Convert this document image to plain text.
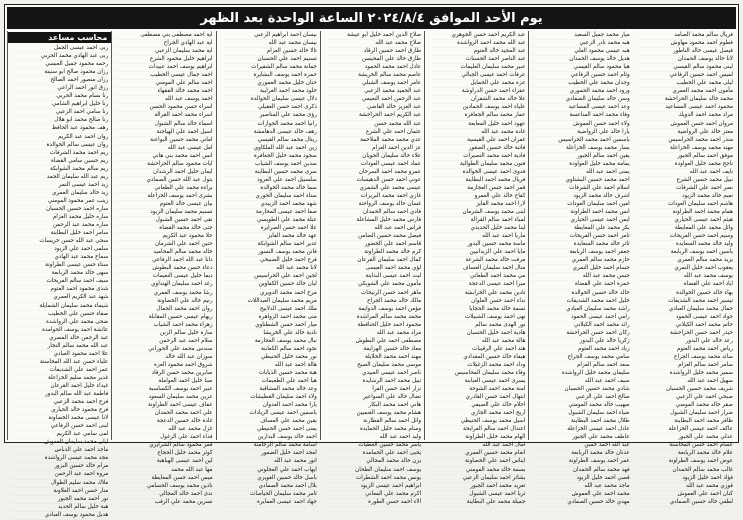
يوم الأحد الموافق ٢٠٢٤/٨/٤ الساعة الواحدة بعد الظهر
محاسب مساعد
ربى احمد عيسى الجمل
ربى عبد الهادي محمد الحربي
رحمه محمود جميل العبسي
رزان محمود صالح ابو سنينة
رزان منصور احمد الصالح
رزق انور احمد الراعي
رنا بسام محمد الحربي
رنا خليل ابراهيم الشامي
رنا سامي احمد الزعبي
رنا صالح محمد ابو هلال
رهف محمود عبد الحافظ
روان احمد عبد الكريم
روان عيسى سالم الخوالدة
ريم احمد محمد الشرفات
ريم حسين سامي القضاة
ريم سالم محمد الشوابكة
ريم عبد الله سليمان الحمد
زيد احمد عيسى النمر
زيد خالد سليمان العمري
زينب عمر محمود المومني
ساره احمد حسين الحسبان
ساره خليل محمد العزام
ساره محمد عبد الرحمن
سامر احمد خليل البطاينة
سجى عبد الله حسن خريسات
سلمى احمد علي الزيود
سماح محمد عبد الهادي
سناء حسن عيسى الطراونة
سهى خالد محمد الربابعة
سيف احمد سالم الفريحات
شذى محمود احمد العتوم
شهد عبد الكريم العمري
شيماء محمد سليمان الشمايلة
صفاء حسين علي الخطيب
ضحى محمد علي الرواشدة
عائشة احمد يوسف الحوامدة
عبد الرحمن خالد المصري
عبد الله محمد سالم النجار
علا احمد محمود العبادي
علياء حسن عبد الله المحاسنة
عمر احمد علي الشديفات
غدير محمد سليم الخزاعلة
غيداء خليل احمد القرعان
فاطمة عبد الله سالم البدور
فرح احمد محمد الزعبي
فرح محمود خالد الحياري
لانا عيسى محمد الخصاونة
لبنى احمد حسن الرفاعي
لمى سامي عبد الكريم
ليلى محمد سليمان العموش
ماجد احمد علي الدباس
مجد محمد عيسى الرواشدة
مرام خالد حسين البزور
مروة احمد عبد الرحمن
ملاك محمد سليم الطوال
منار حسن احمد العلاونة
نور احمد محمد الجبور
هبة خليل سالم الحديد
هديل محمود يوسف العبادي
اية احمد مصطفى بني مصطفى
اية عبد الهادي الجراح
اية محمد سليمان الزعبي
ابراهيم خليل محمود الشرع
ابراهيم يوسف احمد عبيدات
احمد جمال عيسى الخطيب
احمد سالم علي المومني
احمد محمد خالد الفقهاء
احمد يوسف عبد الله
اسراء حسن محمود الحسن
اسراء محمد احمد القرالة
اسماء خالد سالم الشبول
اسيل احمد علي الهياجنة
اماني محمد حسين البواعنة
امل عيسى عبد الله
انس احمد محمد بني هاني
ايات محمود سالم الحراحشة
ايمان خليل احمد الرشدان
بتول عبد الله حسن الصمادي
براءة محمد علي الطعاني
بشرى احمد يوسف الخزاعلة
بيان عيسى خالد العتوم
تسنيم محمد سليمان الزيود
تقى احمد حسين الشبول
جنى خالد محمد القضاة
حلا محمود عبد الكريم
حنين احمد علي الشرمان
خالد محمد سالم المحاميد
دانا عبد الله احمد الرفاعي
دعاء حسن محمد البطوش
ديما خليل عيسى النعيمات
رغد احمد سليمان الهنداوي
رشا محمد يوسف العمري
رنيم خالد علي الخصاونة
روان احمد محمد الجمال
ريهام عيسى حسين المقابلة
زهراء محمد احمد الشياب
سارة خليل سالم الزبن
سلام احمد عبد الرحمن
سندس محمد علي الحوراني
سوزان عبد الله خالد
شروق احمد محمود العزة
صابرين محمد حسن الرقاد
صبا خليل احمد العواملة
عبير احمد يوسف الكساسبة
عرين محمد سليمان السعود
عفاف عيسى احمد الطراونة
علي احمد محمد الحمدان
غادة خالد حسين الدعجة
غزل محمد عبد الله
فداء احمد علي الزغول
قمر محمود سالم الشرايري
كوثر محمد خليل الحجاج
لين احمد عيسى الهباهبة
مها عبد الله محمد
ميس احمد حسن المعايطة
نادين محمد يوسف الحسامي
ندى احمد خالد المجالي
نسرين محمد علي الرقب
بيسان احمد ابراهيم الزعبي
بيسان محمد عبد الله
تالا خالد حسين العزام
تسنيم احمد علي الحسبان
جمانة محمد سالم الشقيرات
حمزة احمد يوسف البشايرة
حنان خليل محمد العموري
خلود محمد احمد الغرايبة
دلال عيسى سليمان الخوالدة
ذكرى احمد حسن العقيلي
رؤى محمد علي المناصير
رانيا احمد محمد الحوارات
رهف خالد عيسى الدهامشة
ريتال محمد سالم القيسي
زين احمد عبد الله الملكاوي
سجود محمد خليل الجعافرة
سدين احمد يوسف الشياب
سرى محمد حسين البطاينة
سلسبيل احمد علي العرود
سما خالد محمد الخوالدة
سناء احمد سليمان الحوري
شهد محمد احمد الزبيدي
صفا احمد عيسى المحارمة
عبلة محمد علي الطويسي
علا احمد حسن الصرايرة
عهد خالد محمد الفايز
غدير احمد سالم الشوابكة
فاتن محمد يوسف النسور
فرح احمد خليل الصبيحي
لانا محمد عبد الله
لجين احمد علي الحراسيس
ليان خالد حسين الكفاوين
مرح احمد محمد الدويري
مريم محمد سليمان العبداللات
ملك احمد عيسى الدلابيح
منى محمد احمد الزواهرة
ميار احمد حسن الشطناوي
نادية خالد علي الخريشا
نبال محمد يوسف العجارمة
نجود احمد سالم الكعابنة
نور محمد خليل الحنيطي
هالة احمد عبد الله
هبة محمد حسين الذيابات
هيا احمد علي الطعيمات
وعد خالد محمد المشاقبة
ولاء احمد سليمان القطيشات
يارا محمد احمد العدوان
ياسمين احمد عيسى الزيادات
يقين محمد علي العساف
يمنى احمد حسن الحنيطي
احمد خالد يوسف البدارين
اسامة محمد سالم الرحامنة
امجد احمد خليل الضمور
انور محمد عبد الله
ايهاب احمد علي العجلوني
باسل خالد حسين الغويري
بلال احمد محمد الصمادي
ثامر محمد سليمان الحياصات
جهاد احمد عيسى العمايرة
صلاح الدين احمد خليل ابو عيشة
صلاح محمد عبد الله
طارق احمد حسين الرقاد
طارق خالد علي المحيسن
عادل احمد محمد الحمود
عاصم محمد سالم الخريشة
عامر احمد يوسف الشبلي
عبد الحميد محمد الزعبي
عبد الرحمن احمد النعيمي
عبد العزيز خالد القاضي
عبد الكريم احمد الحراحشة
عبد الله محمد حسن
عثمان احمد علي الشرع
عدي محمد محمد الملاحمة
عز الدين احمد العزام
علاء خالد سليمان الحويان
عماد احمد عيسى العودات
عمرو محمد احمد السرحان
عوني احمد حسن الدهيسات
عيسى محمد علي الشمري
غازي احمد محمد البريزات
غسان خالد يوسف الرواحنة
فادي احمد سالم الحمدان
فارس محمد خليل المشاعلة
فراس احمد عبد الله
فيصل محمد حسين الضامن
قاسم احمد علي الخضور
كرم خالد محمد الطراونة
كمال احمد سليمان القرعان
لؤي محمد احمد العيسى
ليث احمد عيسى البداينة
مأمون محمد علي الشوبكي
ماهر احمد حسن الربيحات
مالك خالد محمد الجراح
مؤمن احمد يوسف الدوايمة
محمد محمد سالم المراشدة
محمود احمد خليل الحناقطة
مراد محمد عبد الله
مصطفى احمد علي البطوش
معاذ خالد حسين الهزايمة
مهند احمد محمد الخلايلة
موسى محمد سليمان الصبح
ناصر احمد عيسى العبيدي
نبيل محمد احمد الرشايدة
نزار احمد حسن الفرا
نضال خالد علي السواعير
هاني احمد محمد البكار
هشام محمد يوسف الغنميين
وائل احمد سالم القطارنة
وسام محمد خليل الحمايدة
وليد احمد عبد الله
ياسر محمد حسين العطيات
يحيى احمد علي الحمامدة
يزن خالد محمد المجالي
يوسف احمد سليمان الطحان
يونس محمد احمد الشطرات
ابراهيم احمد عيسى الزيود
اكرم محمد علي المعاني
الاء احمد حسن الطورة
عبد الكريم احمد حسن الجوهري
عبد الله محمد احمد الرواشدة
عبد المجيد خالد العتوم
عبد الناصر احمد الحسنات
عبير محمد سليمان العليمات
عرفات احمد عيسى الجبالي
عزة محمد علي الحمايل
عفراء احمد حسن الدراوشة
علا خالد محمد الشقران
علياء احمد يوسف الحمادين
عمار محمد سالم الجعافرة
عهود احمد خليل المعايعة
غادة محمد عبد الله
غفران احمد علي القيسية
فاتنة خالد حسين الصقور
فادية احمد محمد النصيرات
فتون محمد سليمان الطوالبة
فدوى احمد عيسى الخوالدة
فريال محمد احمد البطاينة
قمر احمد حسن العجارمة
كفاح خالد علي العمرو
لارا احمد محمد الفايز
لبنى محمد يوسف الشرمان
لمياء احمد سالم القرالة
لينا محمد خليل الحديدي
ماريا احمد عبد الله
ماسة محمد حسين البدور
مايا احمد علي الزيدانيين
مرفت خالد محمد الشرعة
منال احمد سليمان العساف
مي محمد احمد الطعاني
ميرا احمد عيسى الدعجة
نادين محمد علي الخرابشة
نداء احمد حسن العلوان
نسمة خالد محمد الحجايا
نهى احمد يوسف الشبيلات
نور الهدى محمد سالم
هادية احمد خليل الحسبان
هالة محمد عبد الله
هند احمد علي الرقيبات
هيفاء خالد حسين المقدادي
وداد احمد محمد الزغيلات
وفاء محمد سليمان المحاسيس
يسرى احمد عيسى العبابنة
امنة محمد احمد الشوحة
ابتهال احمد حسن القادري
احلام خالد علي الصيفي
اريج احمد محمد الجازي
اسيل محمد يوسف الحنيطي
اعتدال احمد سالم الفرايحة
الهام محمد خليل الطراونة
امال احمد عبد الله
انعام محمد حسين العمري
ايناس احمد علي الخصاونة
بسمة خالد محمد المومني
بشائر احمد سليمان الزعبي
تغريد محمد احمد الجبور
ثريا احمد عيسى الشبول
جميلة محمد علي البطاينة
ميار محمد جميل السعيد
هبه محمد نادر الزعبي
هبه عيسى محمود العلي
هديل خالد يوسف الحمدان
هيا محمود سالم القيسي
وئام احمد حسين الرفاعي
وجدان محمد علي الخطيب
ورود احمد محمد الحموري
وسن خالد سليمان الصمادي
وعد احمد عيسى المساعيد
وفاء محمد احمد المناعسة
ولاء احمد حسن العموش
يارا خالد علي الرواضية
ياسمين احمد محمد الحراسيس
يسار محمد يوسف الخزاعلة
يقين احمد سالم الجبور
يمامة محمد خليل العواودة
يمنى احمد عبد الله
احمد محمد حسين البشتاوي
اسلام احمد علي الشرفات
اشرف خالد محمد الزيود
امين احمد سليمان العودات
انس محمد احمد الطراونة
ايمن احمد عيسى الحياري
بكر محمد علي المعايطة
تامر احمد حسن الفريحات
ثائر خالد محمد السعايدة
جعفر احمد يوسف الربابعة
حازم محمد سالم العمري
حسام احمد خليل النمري
حسن محمد عبد الله
حمزة احمد علي القضاة
خالد خالد حسين الخوالدة
خليل احمد محمد الشديفات
راشد محمد سليمان العبادي
رامي احمد عيسى الحمود
رائد محمد احمد الكيلاني
ركان احمد حسن الحراحشة
زكريا خالد علي البدور
زياد احمد محمد العتوم
سامي محمد يوسف الجراح
سعد احمد سالم العزام
سليمان محمد خليل الرواشدة
سيف احمد عبد الله
شادي محمد حسين الحسبان
صالح احمد علي الزعبي
صهيب خالد محمد المومني
ضياء احمد سليمان الشبول
طلال محمد احمد البطاينة
عادل احمد عيسى الخزاعلة
عاطف محمد علي الجبور
عبد الله احمد حسن
عدنان خالد محمد الربابعة
عمر احمد يوسف الطراونة
فهد محمد سالم الحمدان
قصي احمد خليل الزيود
ماجد محمد عبد الله
محمد احمد علي العموش
مهدي خالد حسين الصمادي
فريال سالم محمد الصامد
فطوم احمد محمود مهاوش
فيصل عيسى خالد الناطور
لانا خالد يوسف الحمدان
لبنى محمود سالم القيسي
لميس احمد حسين الرفاعي
ليلى محمد علي الخطيب
مأمون احمد محمد العمري
محمد خالد سليمان الحراحشة
محمود احمد عيسى المساعيد
مراد محمد احمد الدويك
مروان احمد حسن العموش
معتز خالد علي الرواضية
منذر احمد محمد الحراسيس
مهند محمد يوسف الخزاعلة
موفق احمد سالم الجبور
ناجح محمد خليل العواودة
نايف احمد عبد الله
نبيل محمد حسين الشرع
نصر احمد علي الشرفات
نعيم خالد محمد الزيود
هاشم احمد سليمان العودات
همام محمد احمد الطراونة
هيثم احمد عيسى الحياري
وائل محمد علي المعايطة
وسيم احمد حسن الفريحات
وليد خالد محمد السعايدة
ياسين احمد يوسف الربابعة
يزيد محمد سالم العمري
يعقوب احمد خليل النمري
يوسف محمد عبد الله
اياد احمد علي القضاة
بهاء خالد حسين الخوالدة
تيسير احمد محمد الشديفات
جمال محمد سليمان العبادي
جواد احمد عيسى الحمود
حاتم محمد احمد الكيلاني
حيدر احمد حسن الحراحشة
رعد خالد علي البدور
رياض احمد محمد العتوم
سائد محمد يوسف الجراح
سامر احمد سالم العزام
سمير محمد خليل الرواشدة
سهيل احمد عبد الله
شريف محمد حسين الحسبان
صبحي احمد علي الزعبي
صقر خالد محمد المومني
ضرار احمد سليمان الشبول
ظافر محمد احمد البطاينة
عاكف احمد عيسى الخزاعلة
عدلي محمد علي الجبور
عصام احمد حسن المحاسنة
علام خالد محمد الربابعة
عوض احمد يوسف الطراونة
غالب محمد سالم الحمدان
فؤاد احمد خليل الزيود
فوزي محمد عبد الله
كنان احمد علي العموش
لطفي خالد حسين الصمادي
